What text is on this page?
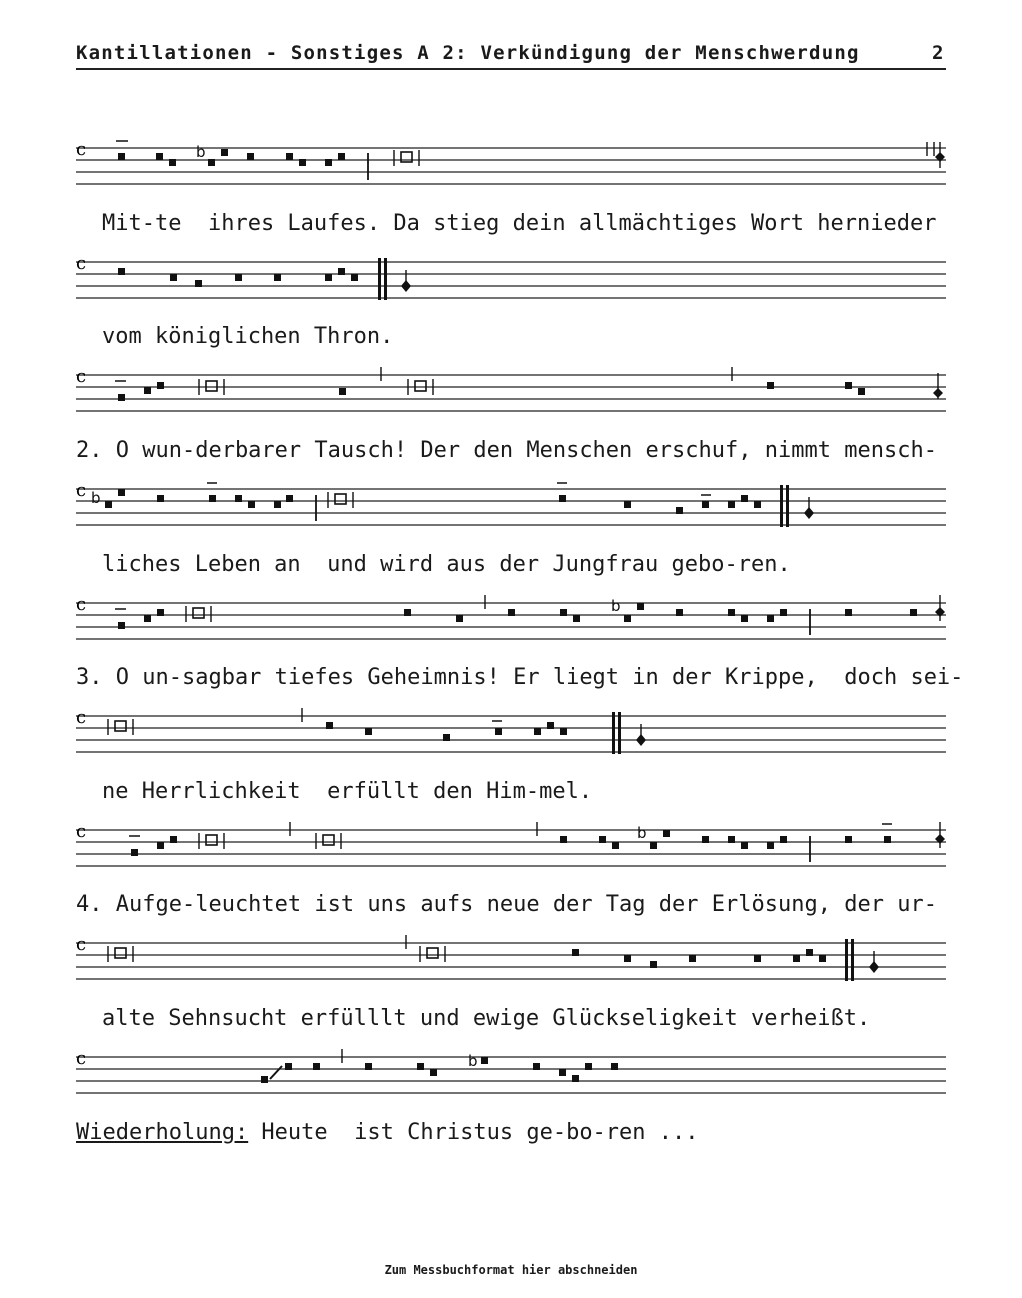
Kantillationen - Sonstiges A 2: Verkündigung der Menschwerdung	2
c	b
Mit-te  ihres Laufes. Da stieg dein allmächtiges Wort hernieder
c
vom königlichen Thron.
c
2. O wun-derbarer Tausch! Der den Menschen erschuf, nimmt mensch-
c b
liches Leben an  und wird aus der Jungfrau gebo-ren.
c	b
3. O un-sagbar tiefes Geheimnis! Er liegt in der Krippe,  doch sei-
c
ne Herrlichkeit  erfüllt den Him-mel.
c	b
4. Aufge-leuchtet ist uns aufs neue der Tag der Erlösung, der ur-
c
alte Sehnsucht erfülllt und ewige Glückseligkeit verheißt.
c	b
Wiederholung: Heute  ist Christus ge-bo-ren ...
Zum Messbuchformat hier abschneiden
